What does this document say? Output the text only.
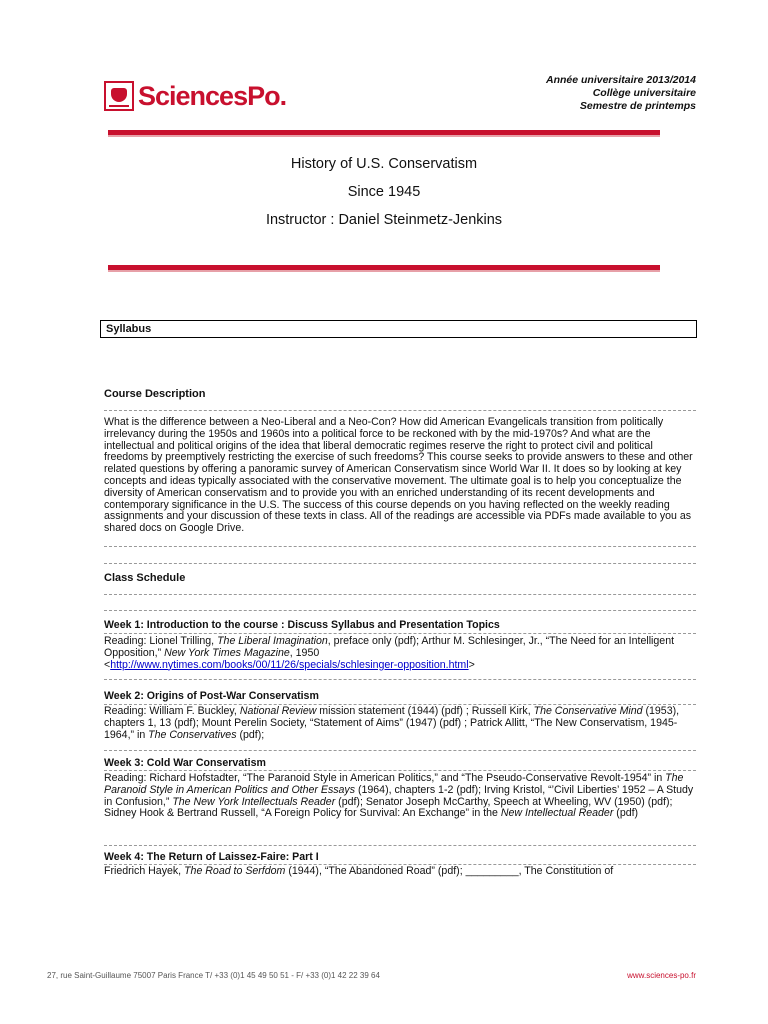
SciencesPo.
Année universitaire 2013/2014
Collège universitaire
Semestre de printemps
History of U.S. Conservatism
Since 1945
Instructor : Daniel Steinmetz-Jenkins
Syllabus
Course Description
What is the difference between a Neo-Liberal and a Neo-Con? How did American Evangelicals transition from politically irrelevancy during the 1950s and 1960s into a political force to be reckoned with by the mid-1970s? And what are the intellectual and political origins of the idea that liberal democratic regimes reserve the right to protect civil and political freedoms by preemptively restricting the exercise of such freedoms? This course seeks to provide answers to these and other related questions by offering a panoramic survey of American Conservatism since World War II. It does so by looking at key concepts and ideas typically associated with the conservative movement. The ultimate goal is to help you conceptualize the diversity of American conservatism and to provide you with an enriched understanding of its recent developments and contemporary significance in the U.S. The success of this course depends on you having reflected on the weekly reading assignments and your discussion of these texts in class. All of the readings are accessible via PDFs made available to you as shared docs on Google Drive.
Class Schedule
Week 1: Introduction to the course : Discuss Syllabus and Presentation Topics
Reading: Lionel Trilling, The Liberal Imagination, preface only (pdf); Arthur M. Schlesinger, Jr., “The Need for an Intelligent Opposition,” New York Times Magazine, 1950
<http://www.nytimes.com/books/00/11/26/specials/schlesinger-opposition.html>
Week 2: Origins of Post-War Conservatism
Reading: William F. Buckley, National Review mission statement (1944) (pdf) ; Russell Kirk, The Conservative Mind (1953), chapters 1, 13 (pdf); Mount Perelin Society, “Statement of Aims” (1947) (pdf) ; Patrick Allitt, “The New Conservatism, 1945-1964,” in The Conservatives (pdf);
Week 3: Cold War Conservatism
Reading: Richard Hofstadter, “The Paranoid Style in American Politics,” and “The Pseudo-Conservative Revolt-1954” in The Paranoid Style in American Politics and Other Essays (1964), chapters 1-2 (pdf); Irving Kristol, “’Civil Liberties’ 1952 – A Study in Confusion,” The New York Intellectuals Reader (pdf); Senator Joseph McCarthy, Speech at Wheeling, WV (1950) (pdf); Sidney Hook & Bertrand Russell, “A Foreign Policy for Survival: An Exchange” in the New Intellectual Reader (pdf)
Week 4: The Return of Laissez-Faire: Part I
Friedrich Hayek, The Road to Serfdom (1944), “The Abandoned Road” (pdf); _________, The Constitution of
27, rue Saint-Guillaume 75007 Paris France T/ +33 (0)1 45 49 50 51 - F/ +33 (0)1 42 22 39 64	www.sciences-po.fr
